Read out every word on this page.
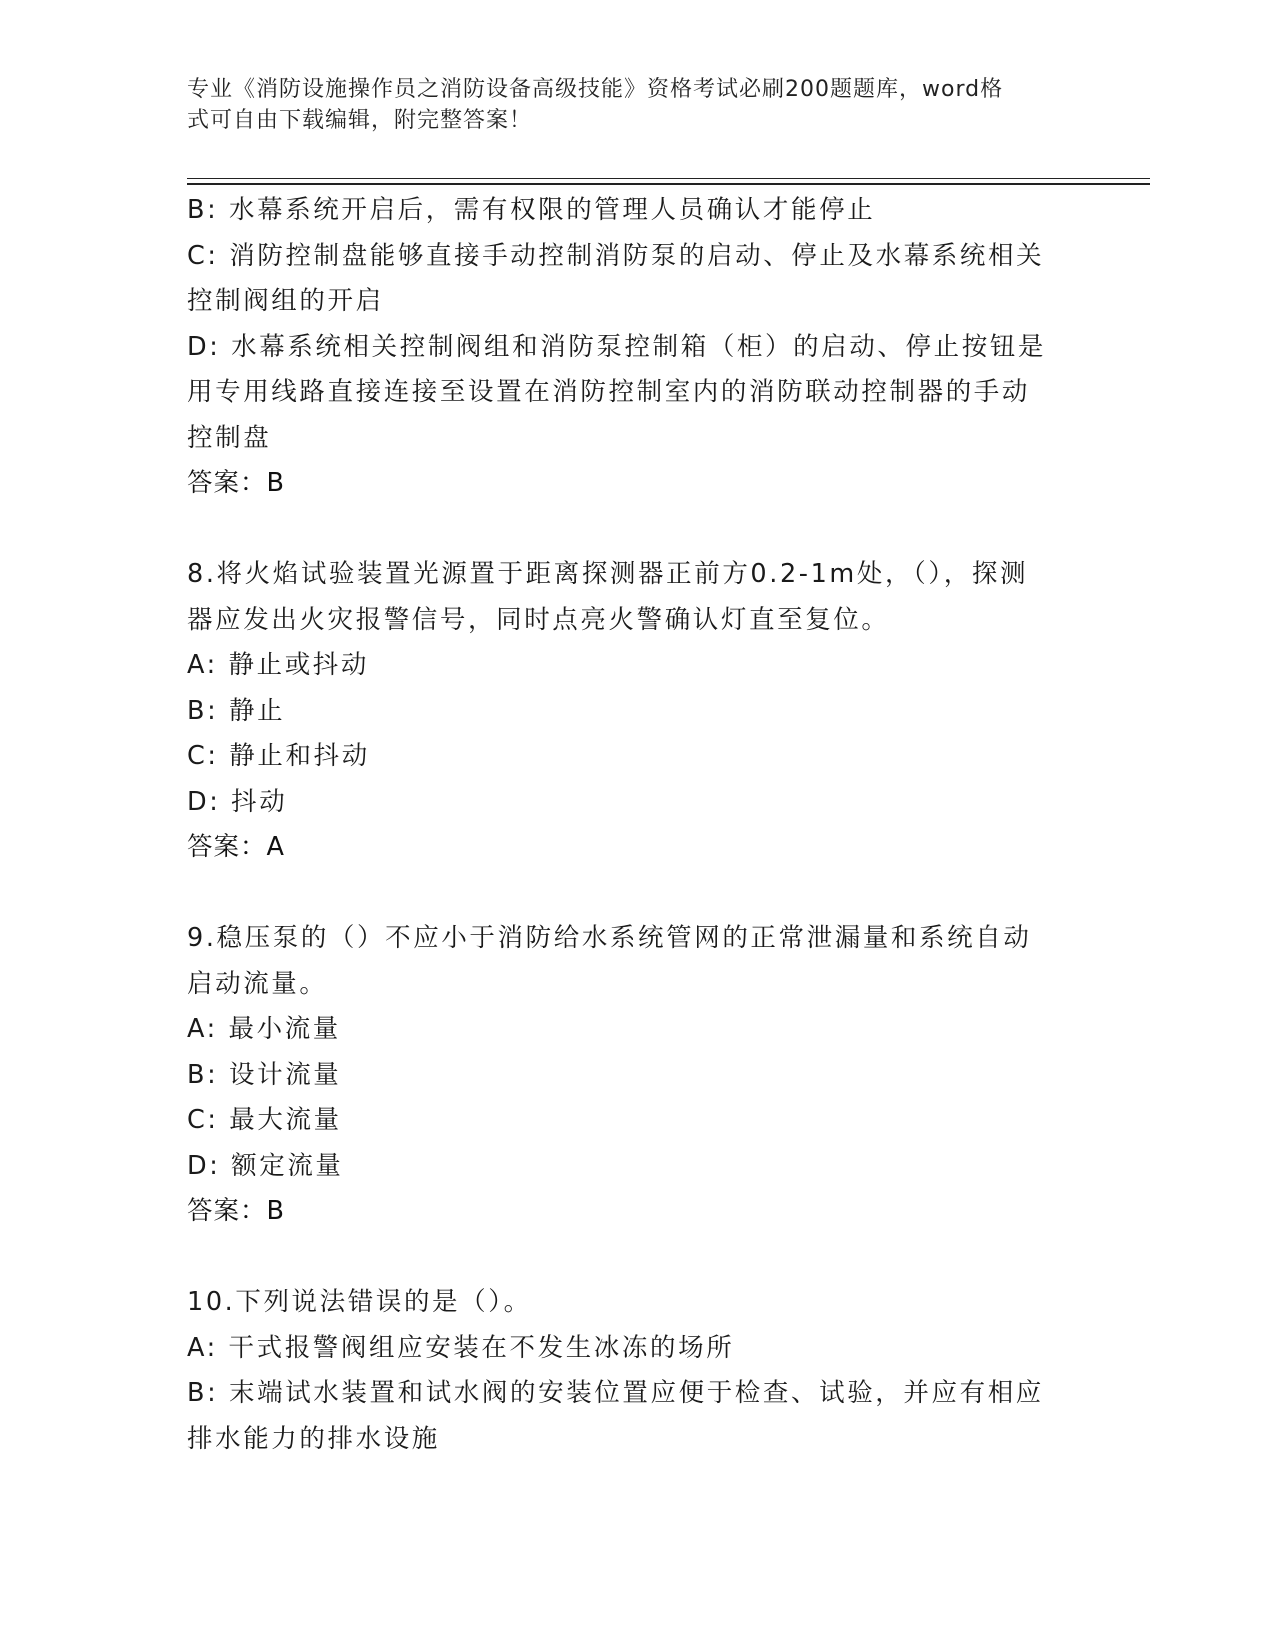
专业《消防设施操作员之消防设备高级技能》资格考试必刷200题题库，word格
式可自由下载编辑，附完整答案！
B: 水幕系统开启后，需有权限的管理人员确认才能停止
C: 消防控制盘能够直接手动控制消防泵的启动、停止及水幕系统相关
控制阀组的开启
D: 水幕系统相关控制阀组和消防泵控制箱（柜）的启动、停止按钮是
用专用线路直接连接至设置在消防控制室内的消防联动控制器的手动
控制盘
答案：B
8.将火焰试验装置光源置于距离探测器正前方0.2-1m处，（），探测
器应发出火灾报警信号，同时点亮火警确认灯直至复位。
A: 静止或抖动
B: 静止
C: 静止和抖动
D: 抖动
答案：A
9.稳压泵的（）不应小于消防给水系统管网的正常泄漏量和系统自动
启动流量。
A: 最小流量
B: 设计流量
C: 最大流量
D: 额定流量
答案：B
10.下列说法错误的是（）。
A: 干式报警阀组应安装在不发生冰冻的场所
B: 末端试水装置和试水阀的安装位置应便于检查、试验，并应有相应
排水能力的排水设施
